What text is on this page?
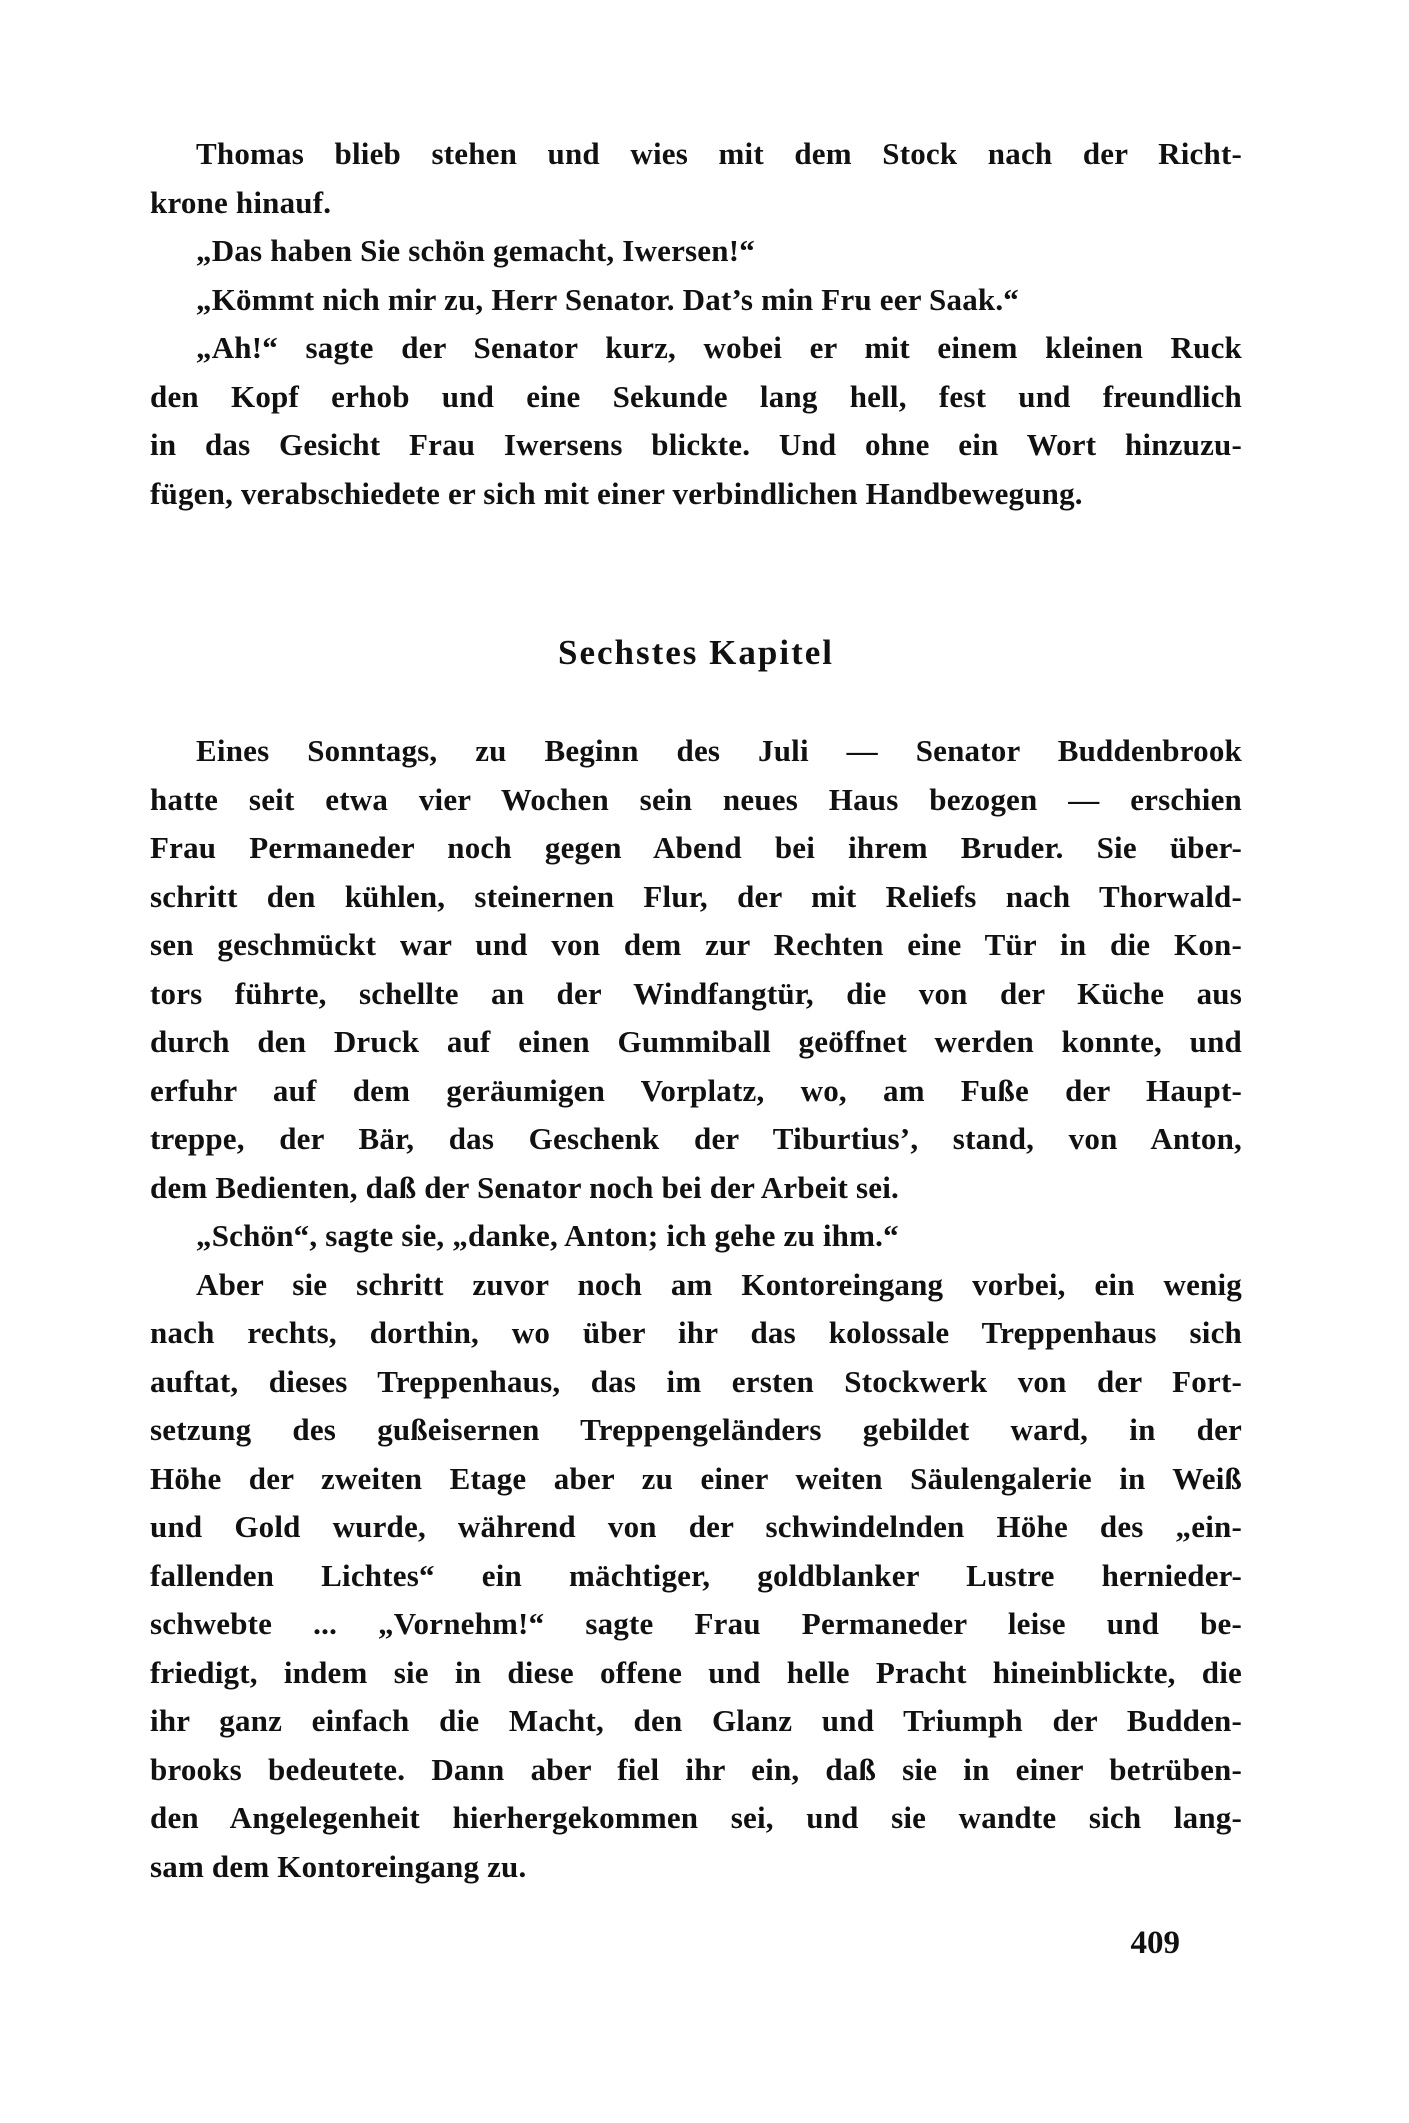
Thomas blieb stehen und wies mit dem Stock nach der Richt-
krone hinauf.
„Das haben Sie schön gemacht, Iwersen!“
„Kömmt nich mir zu, Herr Senator. Dat’s min Fru eer Saak.“
„Ah!“ sagte der Senator kurz, wobei er mit einem kleinen Ruck
den Kopf erhob und eine Sekunde lang hell, fest und freundlich
in das Gesicht Frau Iwersens blickte. Und ohne ein Wort hinzuzu-
fügen, verabschiedete er sich mit einer verbindlichen Handbewegung.
Sechstes Kapitel
Eines Sonntags, zu Beginn des Juli — Senator Buddenbrook
hatte seit etwa vier Wochen sein neues Haus bezogen — erschien
Frau Permaneder noch gegen Abend bei ihrem Bruder. Sie über-
schritt den kühlen, steinernen Flur, der mit Reliefs nach Thorwald-
sen geschmückt war und von dem zur Rechten eine Tür in die Kon-
tors führte, schellte an der Windfangtür, die von der Küche aus
durch den Druck auf einen Gummiball geöffnet werden konnte, und
erfuhr auf dem geräumigen Vorplatz, wo, am Fuße der Haupt-
treppe, der Bär, das Geschenk der Tiburtius’, stand, von Anton,
dem Bedienten, daß der Senator noch bei der Arbeit sei.
„Schön“, sagte sie, „danke, Anton; ich gehe zu ihm.“
Aber sie schritt zuvor noch am Kontoreingang vorbei, ein wenig
nach rechts, dorthin, wo über ihr das kolossale Treppenhaus sich
auftat, dieses Treppenhaus, das im ersten Stockwerk von der Fort-
setzung des gußeisernen Treppengeländers gebildet ward, in der
Höhe der zweiten Etage aber zu einer weiten Säulengalerie in Weiß
und Gold wurde, während von der schwindelnden Höhe des „ein-
fallenden Lichtes“ ein mächtiger, goldblanker Lustre hernieder-
schwebte ... „Vornehm!“ sagte Frau Permaneder leise und be-
friedigt, indem sie in diese offene und helle Pracht hineinblickte, die
ihr ganz einfach die Macht, den Glanz und Triumph der Budden-
brooks bedeutete. Dann aber fiel ihr ein, daß sie in einer betrüben-
den Angelegenheit hierhergekommen sei, und sie wandte sich lang-
sam dem Kontoreingang zu.
409
